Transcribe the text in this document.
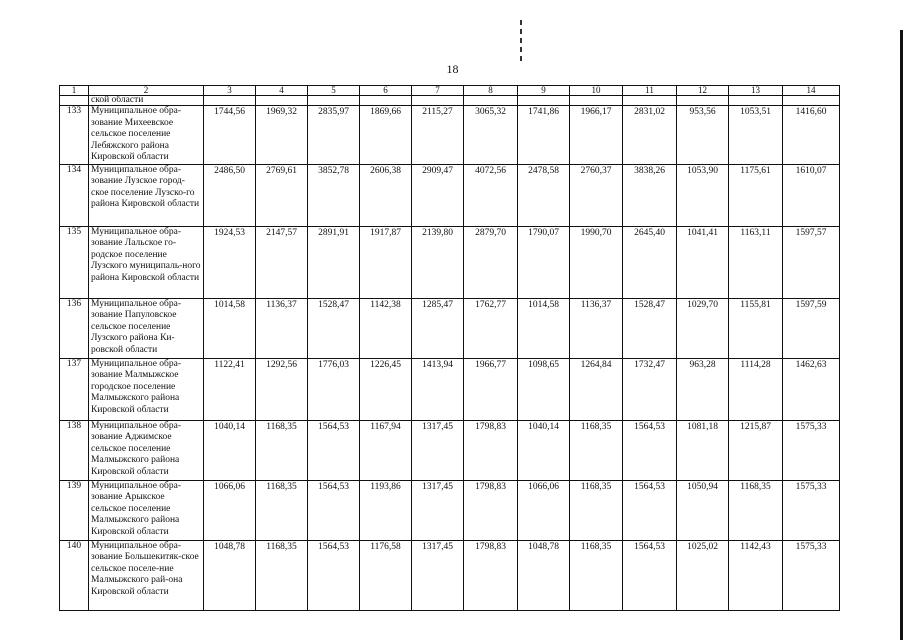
18
1	2	3	4	5	6	7	8	9	10	11	12	13	14
	ской области												
133	Муниципальное обра-зование Михеевское сельское поселение Лебяжского района Кировской области	1744,56	1969,32	2835,97	1869,66	2115,27	3065,32	1741,86	1966,17	2831,02	953,56	1053,51	1416,60
134	Муниципальное обра-зование Лузское город-ское поселение Лузско-го района Кировской области	2486,50	2769,61	3852,78	2606,38	2909,47	4072,56	2478,58	2760,37	3838,26	1053,90	1175,61	1610,07
135	Муниципальное обра-зование Лальское го-родское поселение Лузского муниципаль-ного района Кировской области	1924,53	2147,57	2891,91	1917,87	2139,80	2879,70	1790,07	1990,70	2645,40	1041,41	1163,11	1597,57
136	Муниципальное обра-зование Папуловское сельское поселение Лузского района Ки-ровской области	1014,58	1136,37	1528,47	1142,38	1285,47	1762,77	1014,58	1136,37	1528,47	1029,70	1155,81	1597,59
137	Муниципальное обра-зование Малмыжское городское поселение Малмыжского района Кировской области	1122,41	1292,56	1776,03	1226,45	1413,94	1966,77	1098,65	1264,84	1732,47	963,28	1114,28	1462,63
138	Муниципальное обра-зование Аджимское сельское поселение Малмыжского района Кировской области	1040,14	1168,35	1564,53	1167,94	1317,45	1798,83	1040,14	1168,35	1564,53	1081,18	1215,87	1575,33
139	Муниципальное обра-зование Арыкское сельское поселение Малмыжского района Кировской области	1066,06	1168,35	1564,53	1193,86	1317,45	1798,83	1066,06	1168,35	1564,53	1050,94	1168,35	1575,33
140	Муниципальное обра-зование Большекитяк-ское сельское поселе-ние Малмыжского рай-она Кировской области	1048,78	1168,35	1564,53	1176,58	1317,45	1798,83	1048,78	1168,35	1564,53	1025,02	1142,43	1575,33
